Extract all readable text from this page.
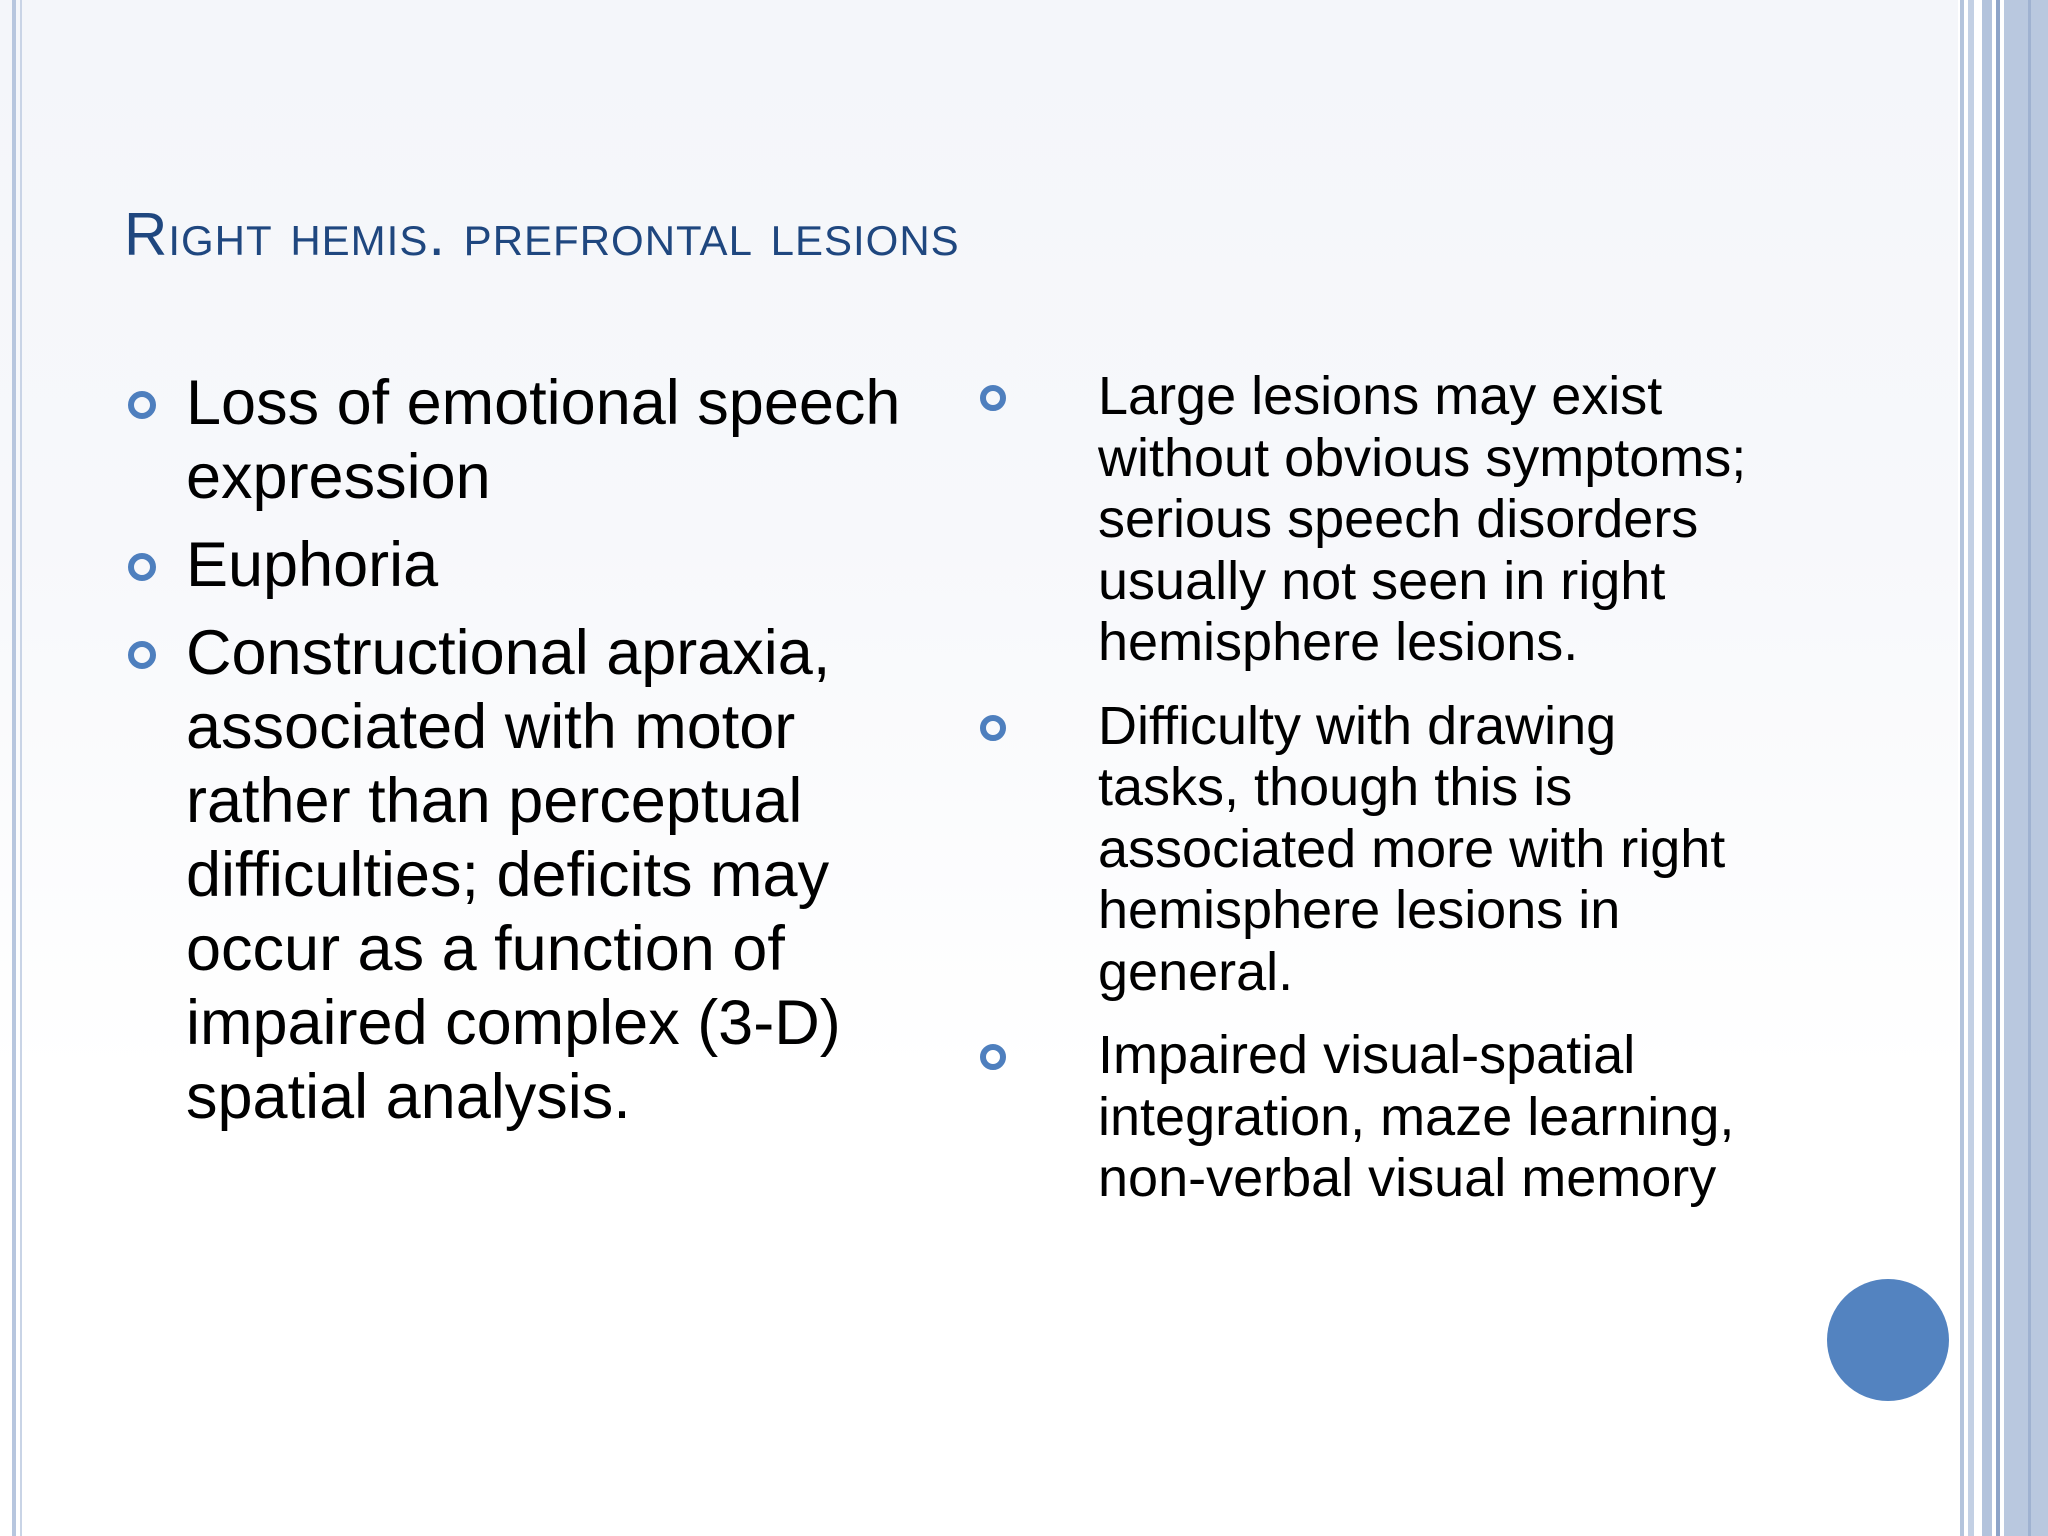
Right hemis. prefrontal lesions
Loss of emotional speech expression
Euphoria
Constructional apraxia, associated with motor rather than perceptual difficulties; deficits may occur as a function of impaired complex (3-D) spatial analysis.
Large lesions may exist without obvious symptoms; serious speech disorders usually not seen in right hemisphere lesions.
Difficulty with drawing tasks, though this is associated more with right hemisphere lesions in general.
Impaired visual-spatial integration, maze learning, non-verbal visual memory
